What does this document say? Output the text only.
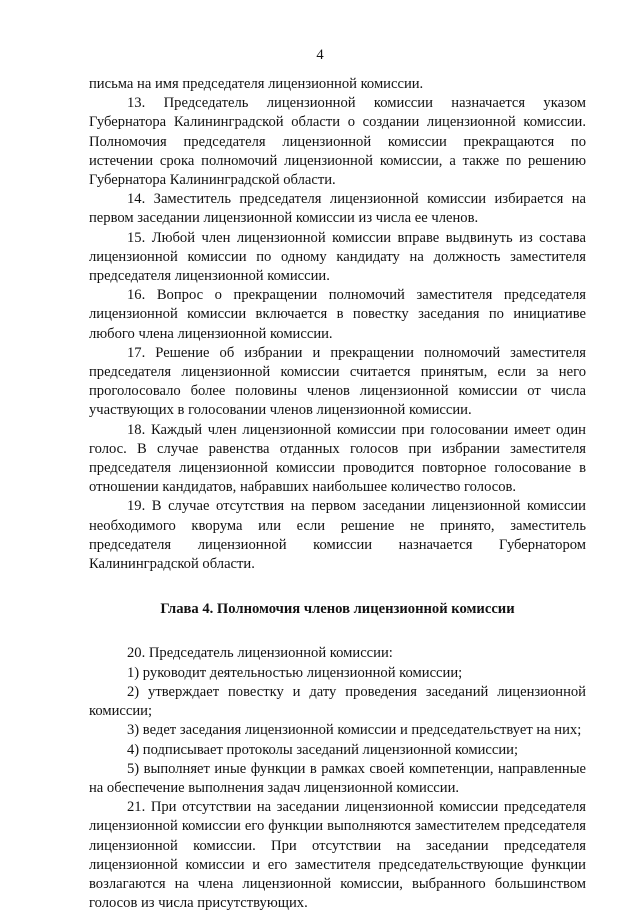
4

письма на имя председателя лицензионной комиссии.

13. Председатель лицензионной комиссии назначается указом Губернатора Калининградской области о создании лицензионной комиссии. Полномочия председателя лицензионной комиссии прекращаются по истечении срока полномочий лицензионной комиссии, а также по решению Губернатора Калининградской области.

14. Заместитель председателя лицензионной комиссии избирается на первом заседании лицензионной комиссии из числа ее членов.

15. Любой член лицензионной комиссии вправе выдвинуть из состава лицензионной комиссии по одному кандидату на должность заместителя председателя лицензионной комиссии.

16. Вопрос о прекращении полномочий заместителя председателя лицензионной комиссии включается в повестку заседания по инициативе любого члена лицензионной комиссии.

17. Решение об избрании и прекращении полномочий заместителя председателя лицензионной комиссии считается принятым, если за него проголосовало более половины членов лицензионной комиссии от числа участвующих в голосовании членов лицензионной комиссии.

18. Каждый член лицензионной комиссии при голосовании имеет один голос. В случае равенства отданных голосов при избрании заместителя председателя лицензионной комиссии проводится повторное голосование в отношении кандидатов, набравших наибольшее количество голосов.

19. В случае отсутствия на первом заседании лицензионной комиссии необходимого кворума или если решение не принято, заместитель председателя лицензионной комиссии назначается Губернатором Калининградской области.

Глава 4. Полномочия членов лицензионной комиссии

20. Председатель лицензионной комиссии:

1) руководит деятельностью лицензионной комиссии;

2) утверждает повестку и дату проведения заседаний лицензионной комиссии;

3) ведет заседания лицензионной комиссии и председательствует на них;

4) подписывает протоколы заседаний лицензионной комиссии;

5) выполняет иные функции в рамках своей компетенции, направленные на обеспечение выполнения задач лицензионной комиссии.

21. При отсутствии на заседании лицензионной комиссии председателя лицензионной комиссии его функции выполняются заместителем председателя лицензионной комиссии. При отсутствии на заседании председателя лицензионной комиссии и его заместителя председательствующие функции возлагаются на члена лицензионной комиссии, выбранного большинством голосов из числа присутствующих.
